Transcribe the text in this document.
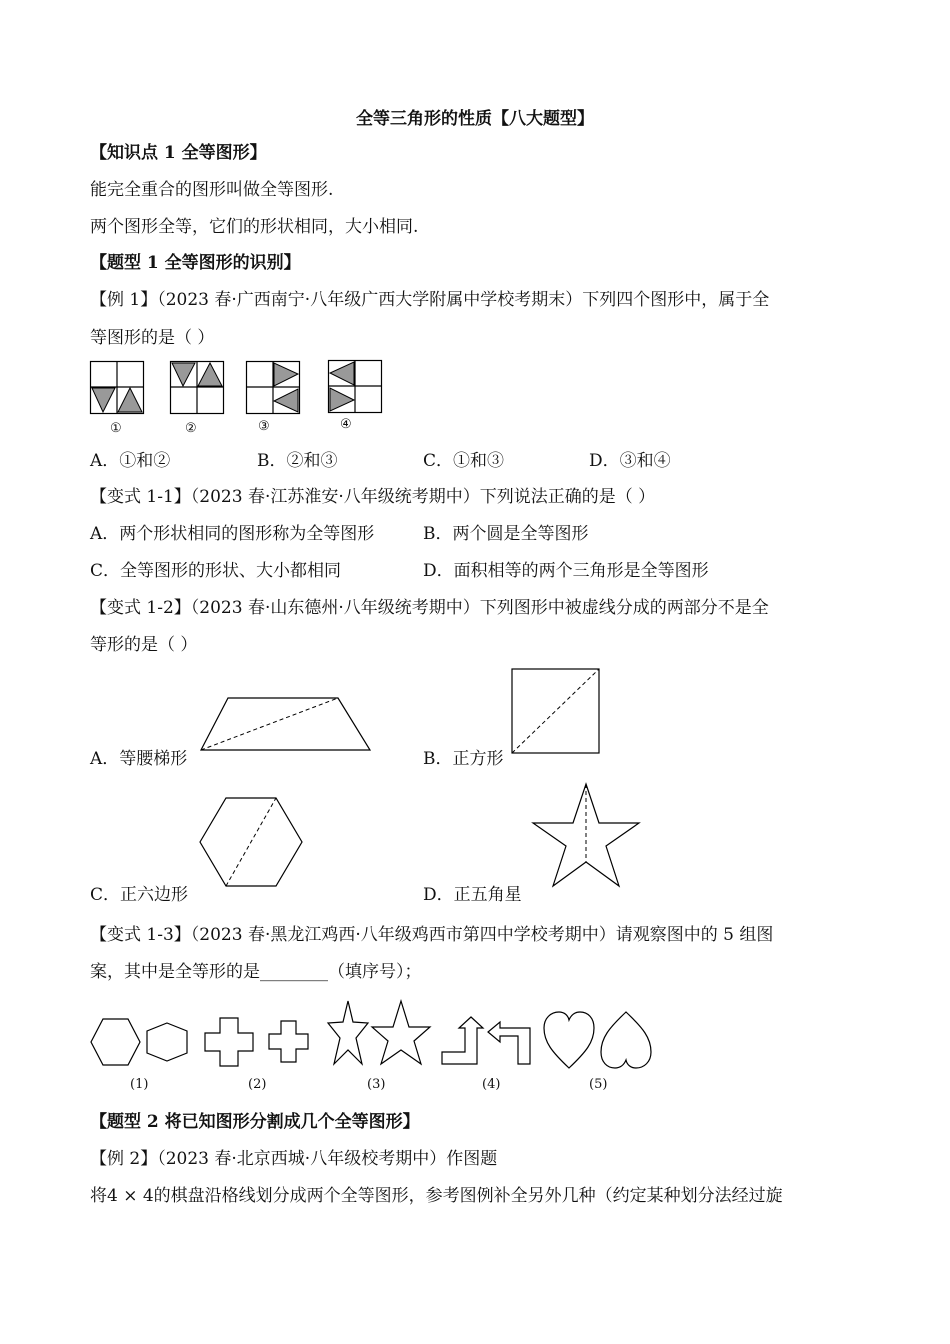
全等三角形的性质【八大题型】
【知识点 1 全等图形】
能完全重合的图形叫做全等图形.
两个图形全等，它们的形状相同，大小相同.
【题型 1 全等图形的识别】
【例 1】（2023 春·广西南宁·八年级广西大学附属中学校考期末）下列四个图形中，属于全
等图形的是（ ）
①	②	③	④
A．①和②	B．②和③	C．①和③	D．③和④
【变式 1-1】（2023 春·江苏淮安·八年级统考期中）下列说法正确的是（ ）
A．两个形状相同的图形称为全等图形	B．两个圆是全等图形
C．全等图形的形状、大小都相同	D．面积相等的两个三角形是全等图形
【变式 1-2】（2023 春·山东德州·八年级统考期中）下列图形中被虚线分成的两部分不是全
等形的是（ ）
A．等腰梯形	B．正方形
C．正六边形	D．正五角星
【变式 1-3】（2023 春·黑龙江鸡西·八年级鸡西市第四中学校考期中）请观察图中的 5 组图
案，其中是全等形的是________（填序号）；
(1)	(2)	(3)	(4)	(5)
【题型 2 将已知图形分割成几个全等图形】
【例 2】（2023 春·北京西城·八年级校考期中）作图题
将4 × 4的棋盘沿格线划分成两个全等图形，参考图例补全另外几种（约定某种划分法经过旋
